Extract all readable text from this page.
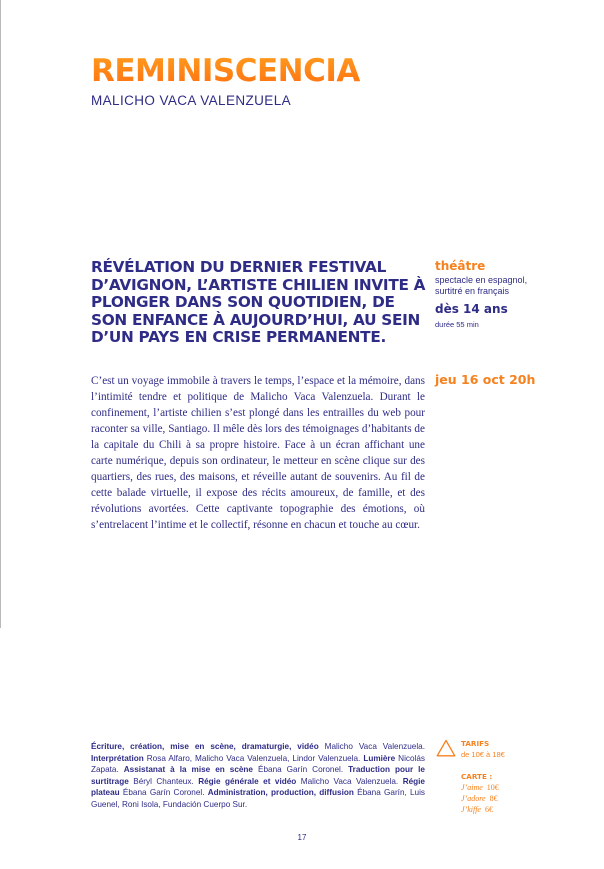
REMINISCENCIA
MALICHO VACA VALENZUELA

RÉVÉLATION DU DERNIER FESTIVAL D’AVIGNON, L’ARTISTE CHILIEN INVITE À PLONGER DANS SON QUOTIDIEN, DE SON ENFANCE À AUJOURD’HUI, AU SEIN D’UN PAYS EN CRISE PERMANENTE.

théâtre
spectacle en espagnol,
surtitré en français
dès 14 ans
durée 55 min
jeu 16 oct 20h

C’est un voyage immobile à travers le temps, l’espace et la mémoire, dans l’intimité tendre et politique de Malicho Vaca Valenzuela. Durant le confinement, l’artiste chilien s’est plongé dans les entrailles du web pour raconter sa ville, Santiago. Il mêle dès lors des témoignages d’habitants de la capitale du Chili à sa propre histoire. Face à un écran affichant une carte numérique, depuis son ordinateur, le metteur en scène clique sur des quartiers, des rues, des maisons, et réveille autant de souvenirs. Au fil de cette balade virtuelle, il expose des récits amoureux, de famille, et des révolutions avortées. Cette captivante topographie des émotions, où s’entrelacent l’intime et le collectif, résonne en chacun et touche au cœur.

Écriture, création, mise en scène, dramaturgie, vidéo Malicho Vaca Valenzuela. Interprétation Rosa Alfaro, Malicho Vaca Valenzuela, Lindor Valenzuela. Lumière Nicolás Zapata. Assistanat à la mise en scène Ébana Garín Coronel. Traduction pour le surtitrage Béryl Chanteux. Régie générale et vidéo Malicho Vaca Valenzuela. Régie plateau Ébana Garín Coronel. Administration, production, diffusion Ébana Garín, Luis Guenel, Roni Isola, Fundación Cuerpo Sur.

TARIFS
de 10€ à 18€
CARTE :
J’aime 10€
J’adore 8€
J’kiffe 6€
17
